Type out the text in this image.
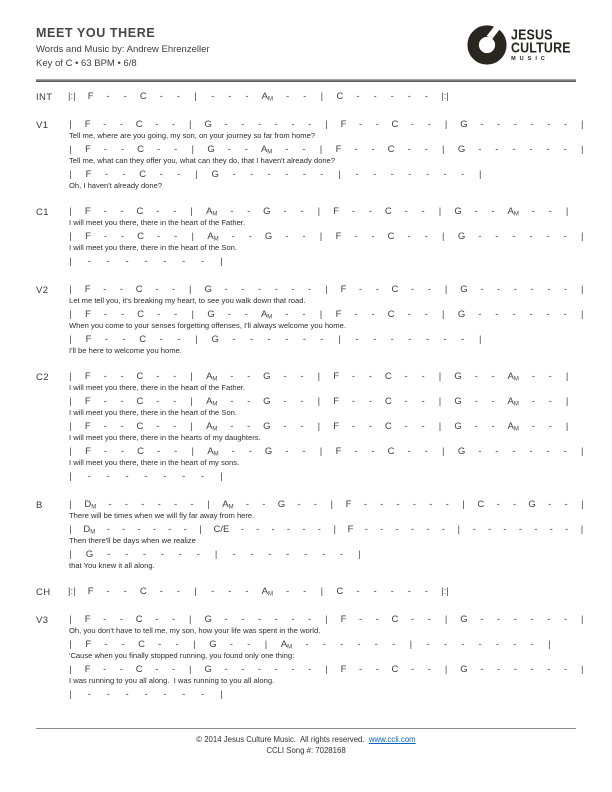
MEET YOU THERE
Words and Music by: Andrew Ehrenzeller
Key of C • 63 BPM • 6/8
JESUS
CULTURE
MUSIC
INT	|:| F - - C - - | - - - $A_M$ - - | C - - - - - |:|
V1	| F - - C - - | G - - - - - - | F - - C - - | G - - - - - - |
Tell me, where are you going, my son, on your journey so far from home?
| F - - C - - | G - - $A_M$ - - | F - - C - - | G - - - - - - |
Tell me, what can they offer you, what can they do, that I haven't already done?
| F - - C - - | G - - - - - - | - - - - - - - |
Oh, I haven't already done?
C1	| F - - C - - | $A_M$ - - G - - | F - - C - - | G - - $A_M$ - - |
I will meet you there, there in the heart of the Father.
| F - - C - - | $A_M$ - - G - - | F - - C - - | G - - - - - - |
I will meet you there, there in the heart of the Son.
| - - - - - - - |
V2	| F - - C - - | G - - - - - - | F - - C - - | G - - - - - - |
Let me tell you, it's breaking my heart, to see you walk down that road.
| F - - C - - | G - - $A_M$ - - | F - - C - - | G - - - - - - |
When you come to your senses forgetting offenses, I'll always welcome you home.
| F - - C - - | G - - - - - - | - - - - - - - |
I'll be here to welcome you home.
C2	| F - - C - - | $A_M$ - - G - - | F - - C - - | G - - $A_M$ - - |
I will meet you there, there in the heart of the Father.
| F - - C - - | $A_M$ - - G - - | F - - C - - | G - - $A_M$ - - |
I will meet you there, there in the heart of the Son.
| F - - C - - | $A_M$ - - G - - | F - - C - - | G - - $A_M$ - - |
I will meet you there, there in the hearts of my daughters.
| F - - C - - | $A_M$ - - G - - | F - - C - - | G - - - - - - |
I will meet you there, there in the heart of my sons.
| - - - - - - - |
B	| $D_M$ - - - - - - | $A_M$ - - G - - | F - - - - - - | C - - G - - |
There will be times when we will fly far away from here.
| $D_M$ - - - - - - | C/E - - - - - - | F - - - - - - | - - - - - - - |
Then there'll be days when we realize
| G - - - - - - | - - - - - - - |
that You knew it all along.
CH	|:| F - - C - - | - - - $A_M$ - - | C - - - - - |:|
V3	| F - - C - - | G - - - - - - | F - - C - - | G - - - - - - |
Oh, you don't have to tell me, my son, how your life was spent in the world.
| F - - C - - | G - - | $A_M$ - - - - - - | - - - - - - - |
'Cause when you finally stopped running, you found only one thing:
| F - - C - - | G - - - - - - | F - - C - - | G - - - - - - |
I was running to you all along.  I was running to you all along.
| - - - - - - - |
© 2014 Jesus Culture Music.  All rights reserved.  www.ccli.com
CCLI Song #: 7028168
